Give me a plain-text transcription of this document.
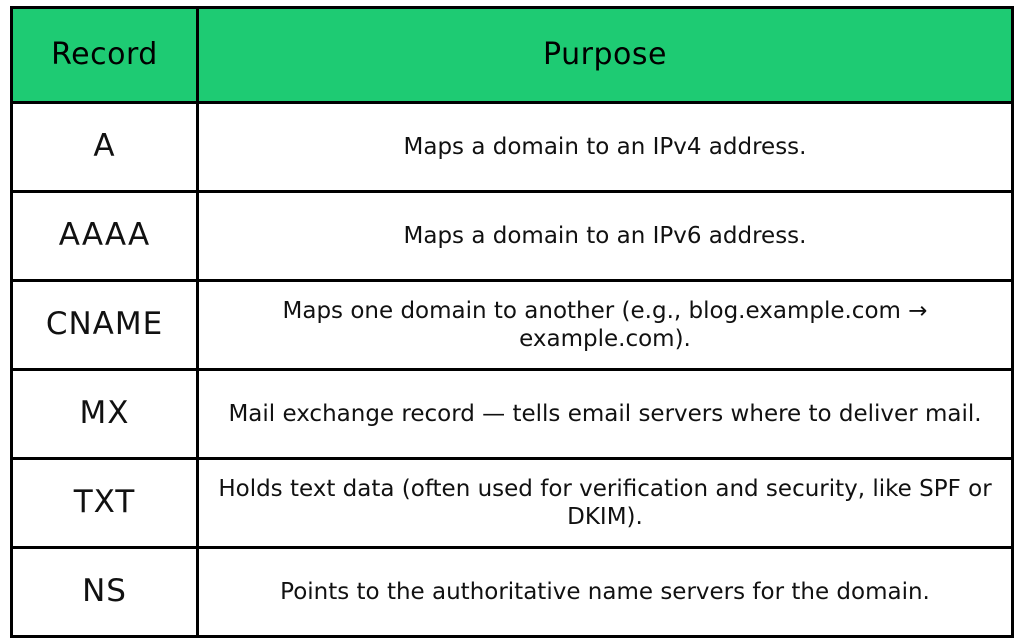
Record	Purpose
A	Maps a domain to an IPv4 address.
AAAA	Maps a domain to an IPv6 address.
CNAME	Maps one domain to another (e.g., blog.example.com → example.com).
MX	Mail exchange record — tells email servers where to deliver mail.
TXT	Holds text data (often used for verification and security, like SPF or DKIM).
NS	Points to the authoritative name servers for the domain.
